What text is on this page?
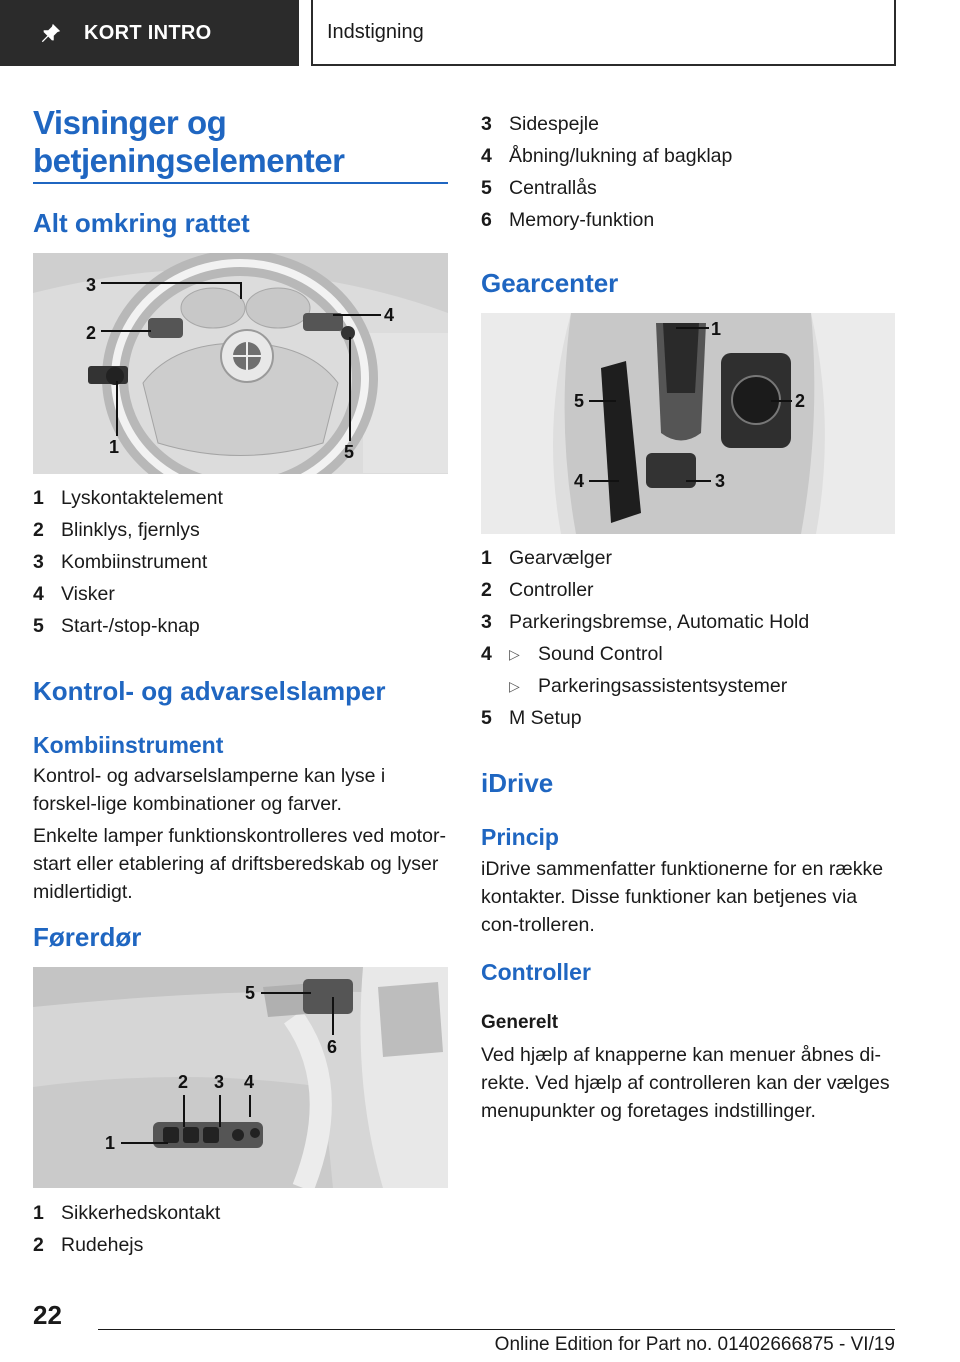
KORT INTRO	Indstigning
Visninger og betjeningselementer
Alt omkring rattet
3
2
4
1	5
1 Lyskontaktelement
2 Blinklys, fjernlys
3 Kombiinstrument
4 Visker
5 Start-/stop-knap
Kontrol- og advarselslamper
Kombiinstrument
Kontrol- og advarselslamperne kan lyse i forskel-lige kombinationer og farver.
Enkelte lamper funktionskontrolleres ved motor-start eller etablering af driftsberedskab og lyser midlertidigt.
Førerdør
5
6
2 3 4
1
1 Sikkerhedskontakt
2 Rudehejs
3 Sidespejle
4 Åbning/lukning af bagklap
5 Centrallås
6 Memory-funktion
Gearcenter
1
2
3
4
5
1 Gearvælger
2 Controller
3 Parkeringsbremse, Automatic Hold
4	▷ Sound Control
▷ Parkeringsassistentsystemer
5 M Setup
iDrive
Princip
iDrive sammenfatter funktionerne for en række kontakter. Disse funktioner kan betjenes via con-trolleren.
Controller
Generelt
Ved hjælp af knapperne kan menuer åbnes di-rekte. Ved hjælp af controlleren kan der vælges menupunkter og foretages indstillinger.
22
Online Edition for Part no. 01402666875 - VI/19
